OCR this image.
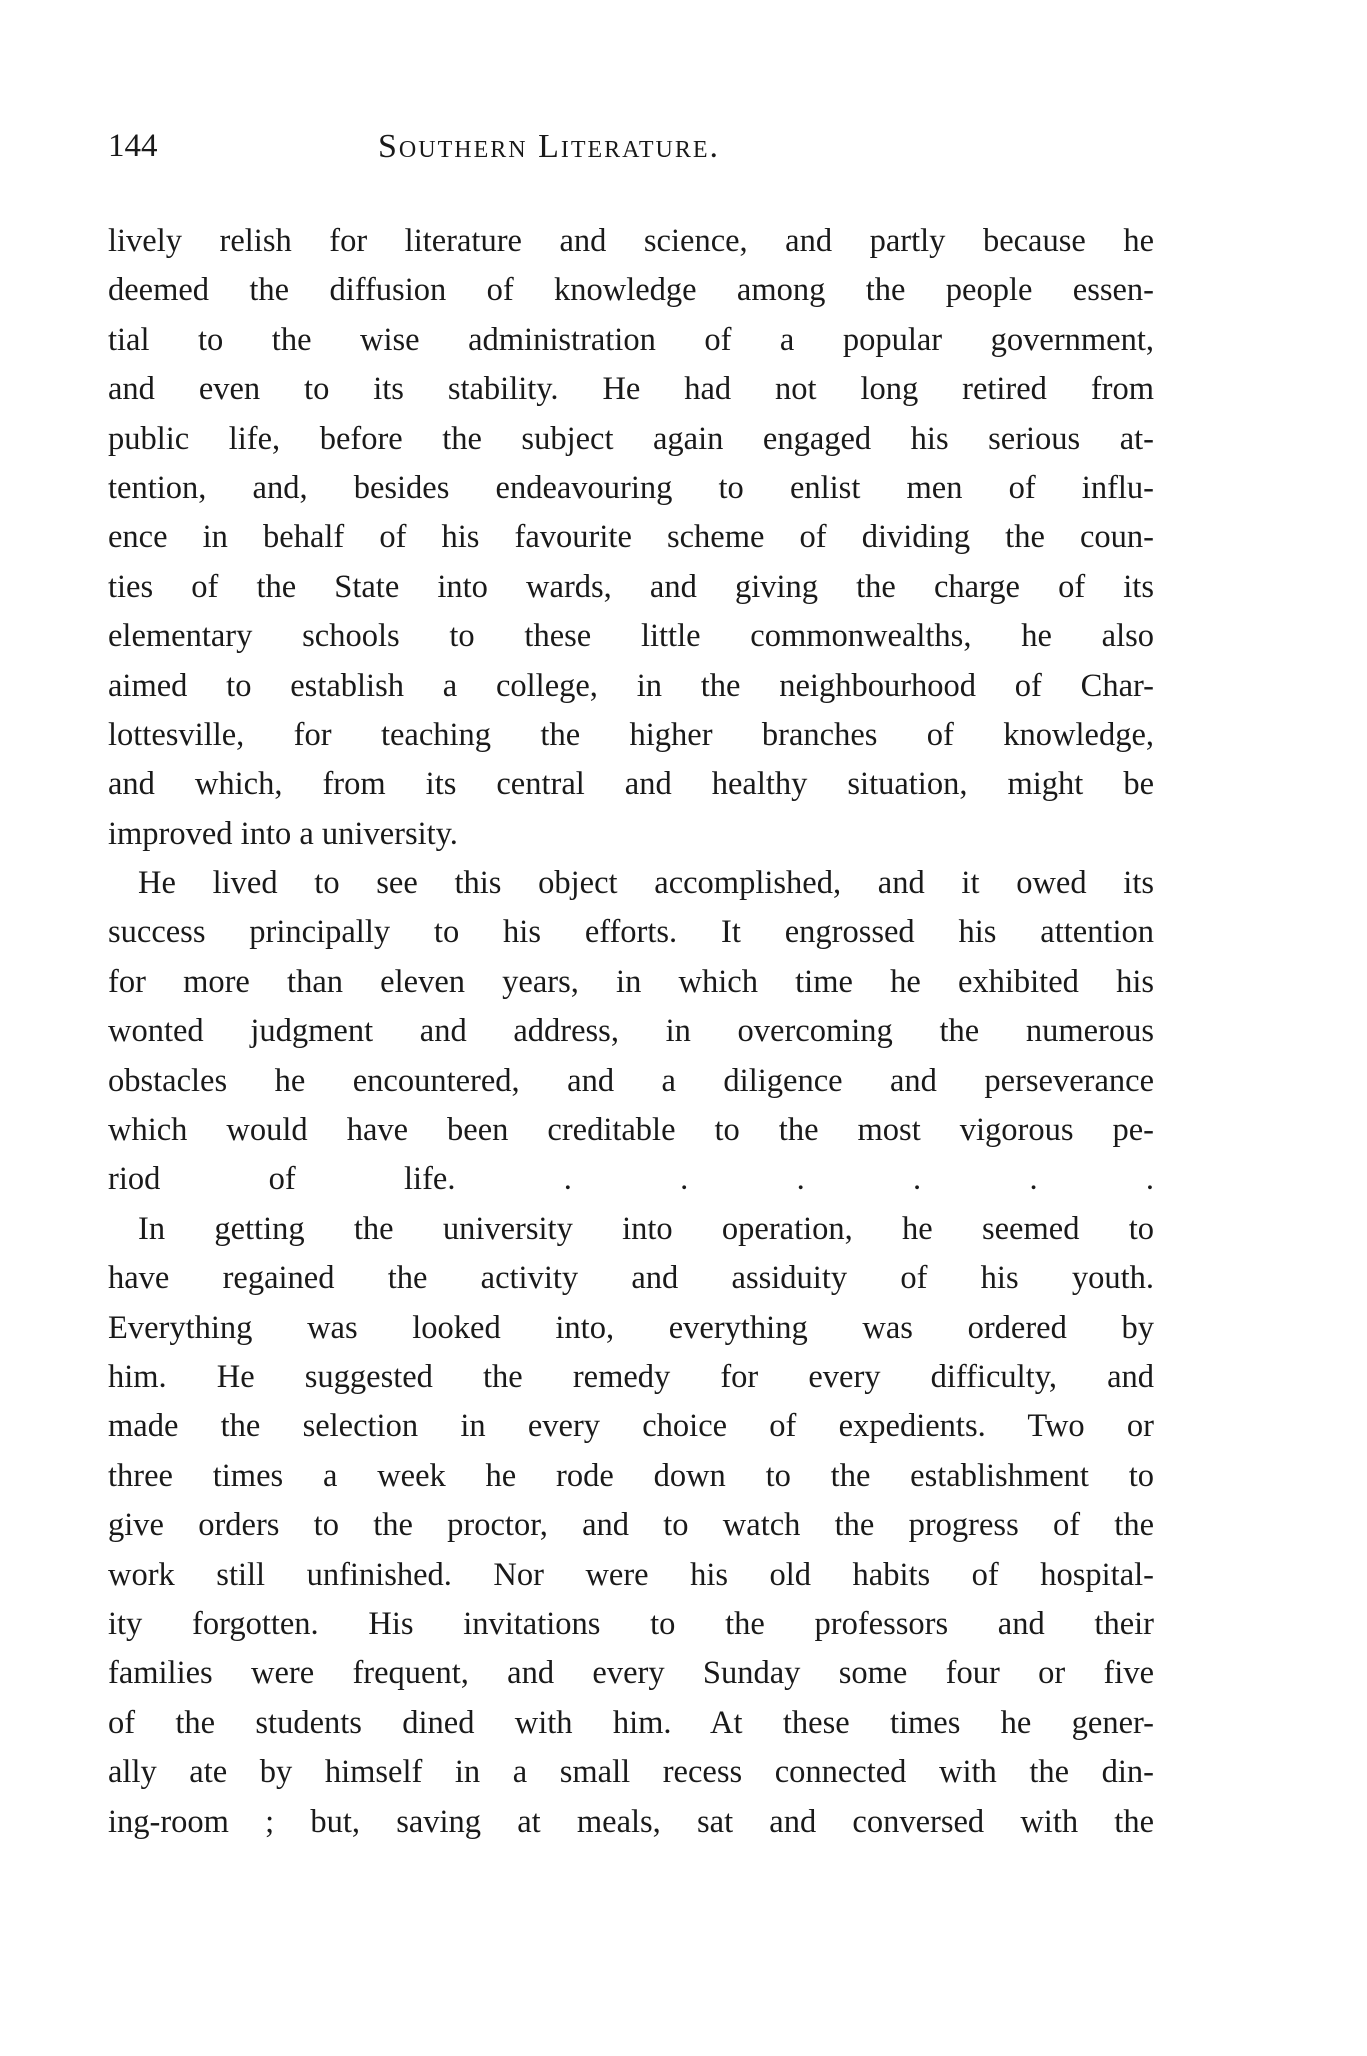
144	Southern Literature.
lively relish for literature and science, and partly because he
deemed the diffusion of knowledge among the people essen-
tial to the wise administration of a popular government,
and even to its stability. He had not long retired from
public life, before the subject again engaged his serious at-
tention, and, besides endeavouring to enlist men of influ-
ence in behalf of his favourite scheme of dividing the coun-
ties of the State into wards, and giving the charge of its
elementary schools to these little commonwealths, he also
aimed to establish a college, in the neighbourhood of Char-
lottesville, for teaching the higher branches of knowledge,
and which, from its central and healthy situation, might be
improved into a university.
He lived to see this object accomplished, and it owed its
success principally to his efforts. It engrossed his attention
for more than eleven years, in which time he exhibited his
wonted judgment and address, in overcoming the numerous
obstacles he encountered, and a diligence and perseverance
which would have been creditable to the most vigorous pe-
riod of life. . . . . . .
In getting the university into operation, he seemed to
have regained the activity and assiduity of his youth.
Everything was looked into, everything was ordered by
him. He suggested the remedy for every difficulty, and
made the selection in every choice of expedients. Two or
three times a week he rode down to the establishment to
give orders to the proctor, and to watch the progress of the
work still unfinished. Nor were his old habits of hospital-
ity forgotten. His invitations to the professors and their
families were frequent, and every Sunday some four or five
of the students dined with him. At these times he gener-
ally ate by himself in a small recess connected with the din-
ing-room ; but, saving at meals, sat and conversed with the
